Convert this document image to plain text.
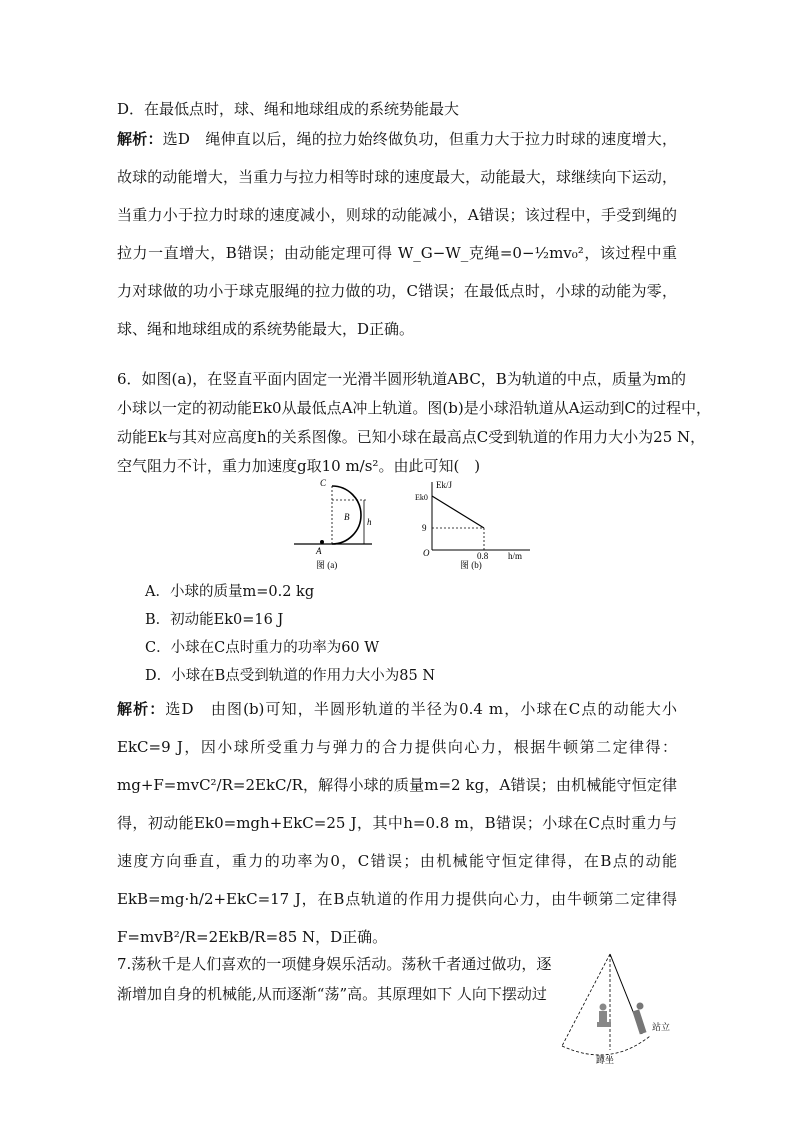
D．在最低点时，球、绳和地球组成的系统势能最大
解析：选D　绳伸直以后，绳的拉力始终做负功，但重力大于拉力时球的速度增大，故球的动能增大，当重力与拉力相等时球的速度最大，动能最大，球继续向下运动，当重力小于拉力时球的速度减小，则球的动能减小，A错误；该过程中，手受到绳的拉力一直增大，B错误；由动能定理可得 W_G−W_克绳=0−½mv₀²，该过程中重力对球做的功小于球克服绳的拉力做的功，C错误；在最低点时，小球的动能为零，球、绳和地球组成的系统势能最大，D正确。
6．如图(a)，在竖直平面内固定一光滑半圆形轨道ABC，B为轨道的中点，质量为m的
小球以一定的初动能Ek0从最低点A冲上轨道。图(b)是小球沿轨道从A运动到C的过程中，
动能Ek与其对应高度h的关系图像。已知小球在最高点C受到轨道的作用力大小为25 N，
空气阻力不计，重力加速度g取10 m/s²。由此可知(　)
C
B h
A
图 (a)
Ek/J
Ek0
9
O	0.8 h/m
图 (b)
A．小球的质量m=0.2 kg
B．初动能Ek0=16 J
C．小球在C点时重力的功率为60 W
D．小球在B点受到轨道的作用力大小为85 N
解析：选D　由图(b)可知，半圆形轨道的半径为0.4 m，小球在C点的动能大小EkC=9 J，因小球所受重力与弹力的合力提供向心力，根据牛顿第二定律得：mg+F=mvC²/R=2EkC/R，解得小球的质量m=2 kg，A错误；由机械能守恒定律得，初动能Ek0=mgh+EkC=25 J，其中h=0.8 m，B错误；小球在C点时重力与速度方向垂直，重力的功率为0，C错误；由机械能守恒定律得，在B点的动能EkB=mg·h/2+EkC=17 J，在B点轨道的作用力提供向心力，由牛顿第二定律得F=mvB²/R=2EkB/R=85 N，D正确。
7.荡秋千是人们喜欢的一项健身娱乐活动。荡秋千者通过做功，逐
渐增加自身的机械能,从而逐渐“荡”高。其原理如下 人向下摆动过
站立
蹲坐
